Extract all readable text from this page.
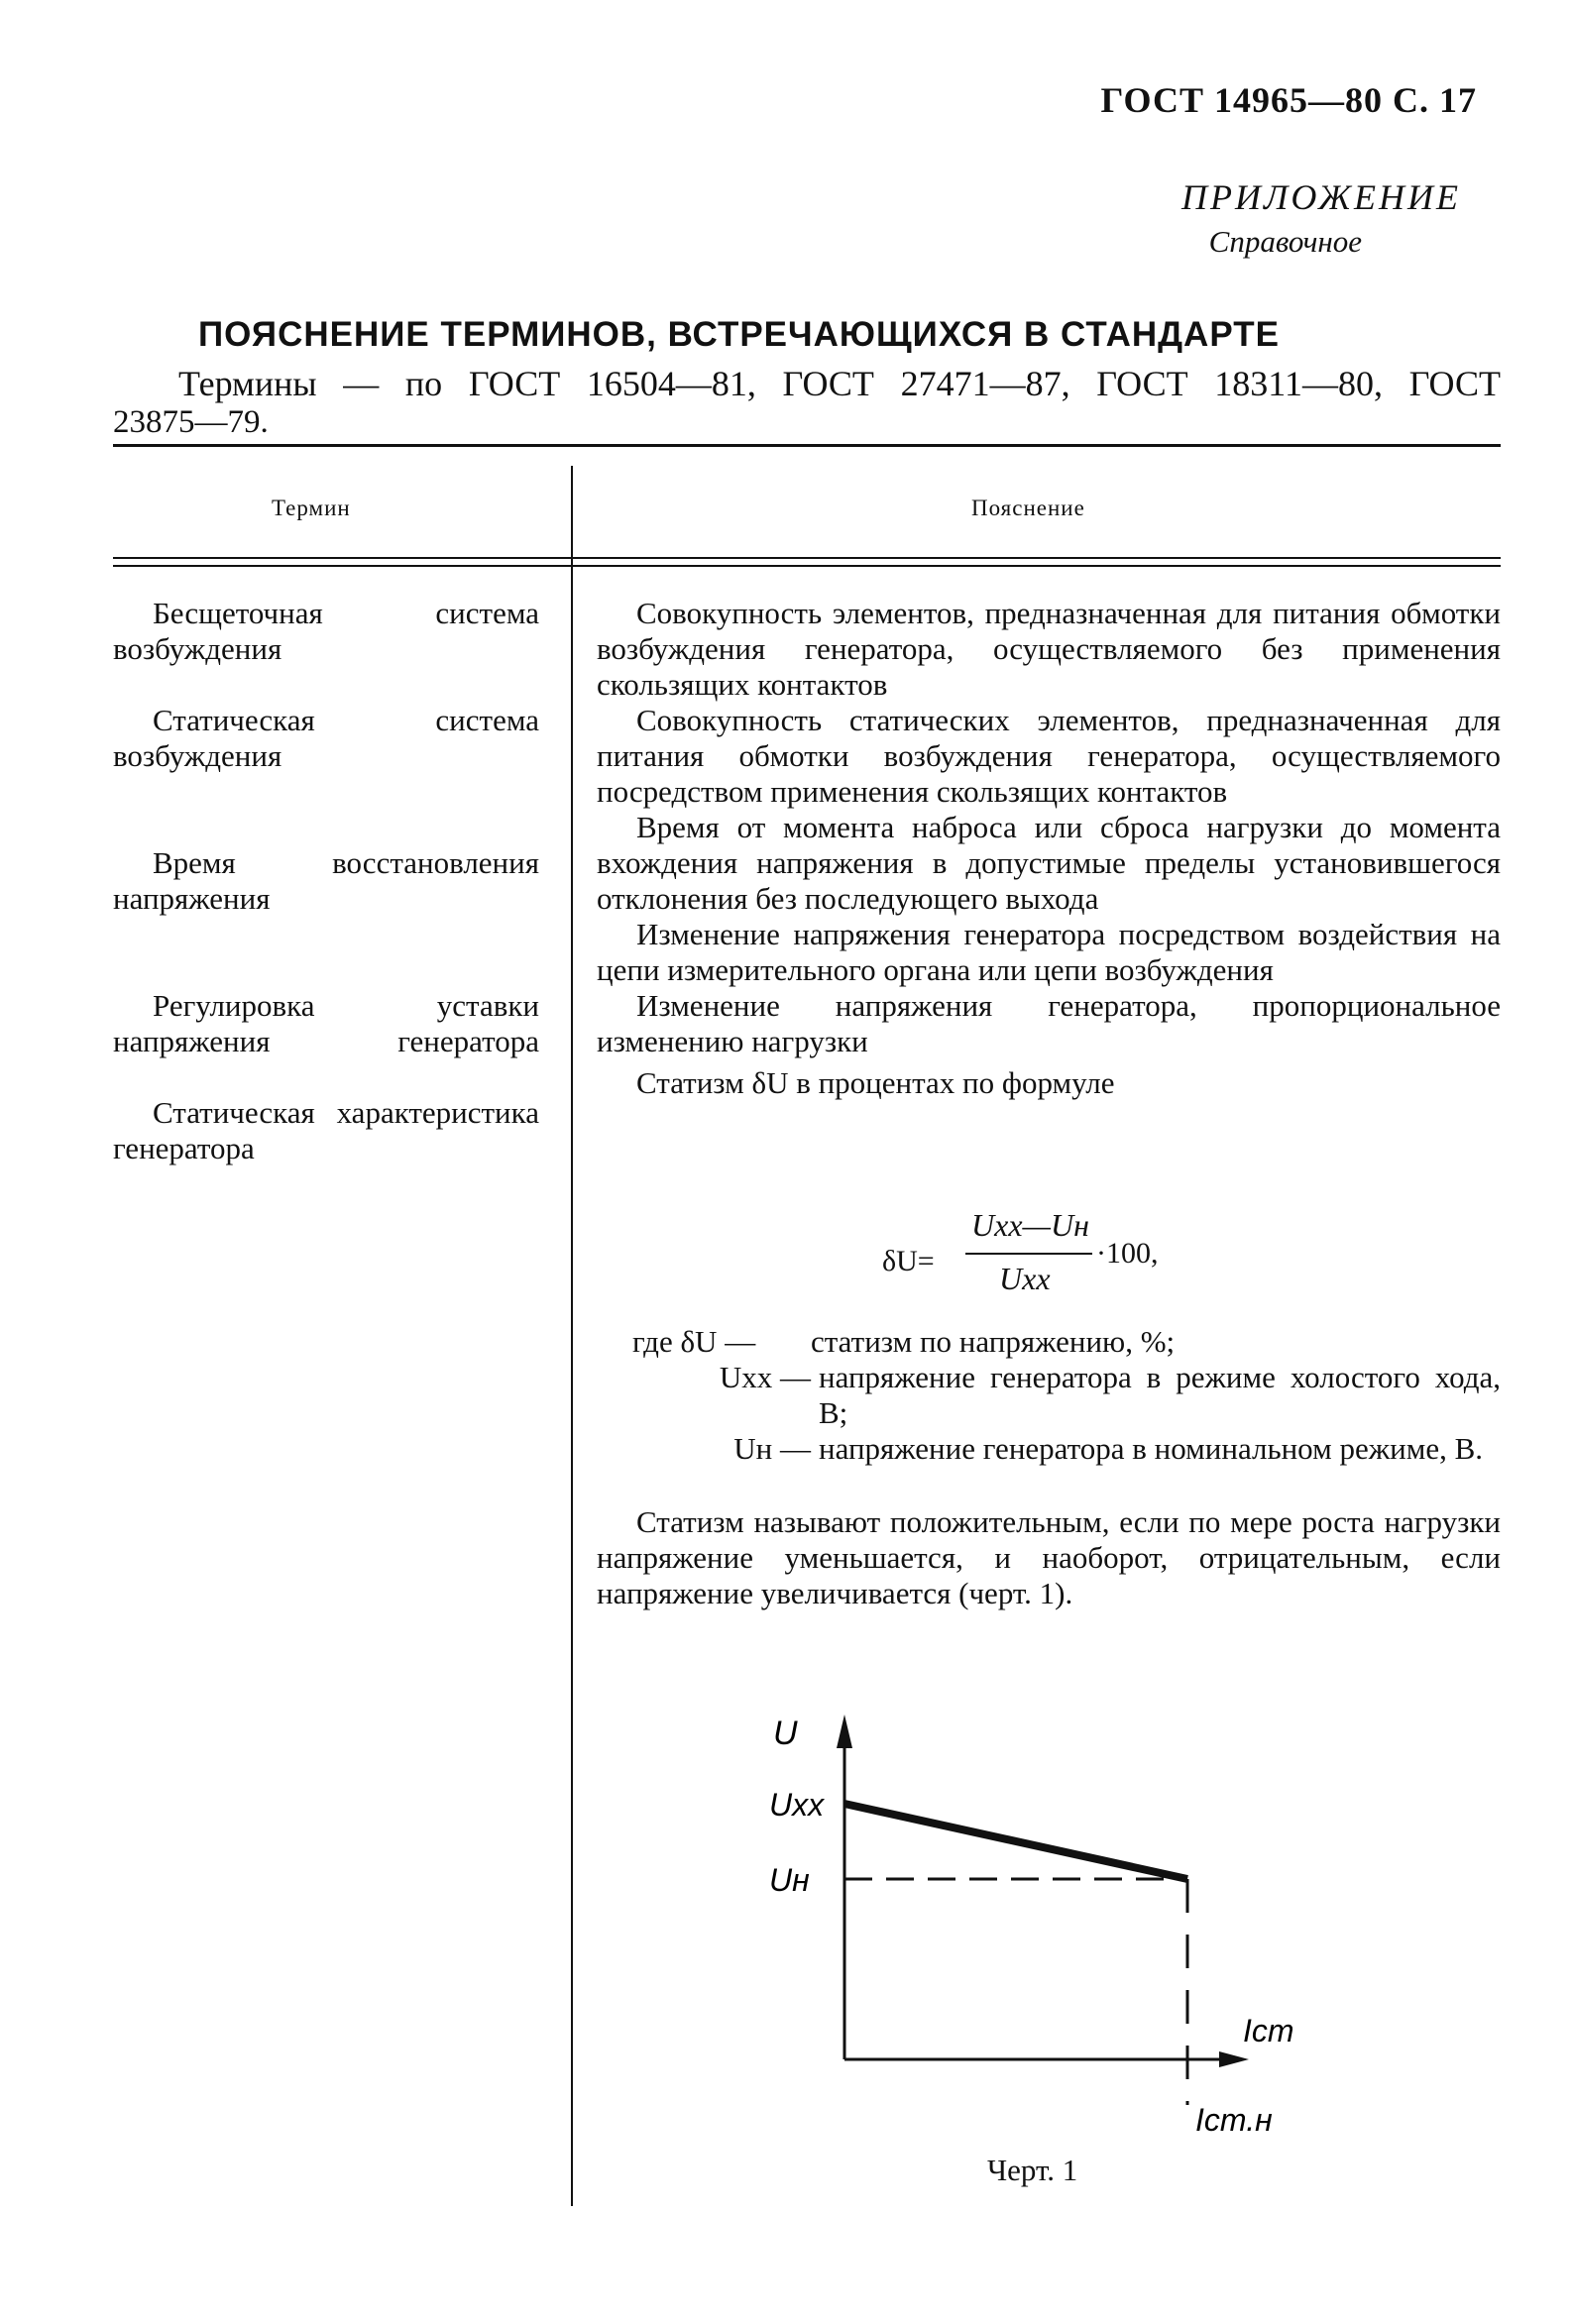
ГОСТ 14965—80 С. 17
ПРИЛОЖЕНИЕ
Справочное
ПОЯСНЕНИЕ ТЕРМИНОВ, ВСТРЕЧАЮЩИХСЯ В СТАНДАРТЕ
Термины — по ГОСТ 16504—81, ГОСТ 27471—87, ГОСТ 18311—80, ГОСТ
23875—79.
Термин	Пояснение
Бесщеточная система возбуждения
Статическая система возбуждения
Время восстановления напряжения
Регулировка уставки напряжения генератора
Статическая характеристика генератора

Совокупность элементов, предназначенная для питания обмотки возбуждения генератора, осуществляемого без применения скользящих контактов

Совокупность статических элементов, предназначенная для питания обмотки возбуждения генератора, осуществляемого посредством применения скользящих контактов

Время от момента наброса или сброса нагрузки до момента вхождения напряжения в допустимые пределы установившегося отклонения без последующего выхода

Изменение напряжения генератора посредством воздействия на цепи измерительного органа или цепи возбуждения

Изменение напряжения генератора, пропорциональное изменению нагрузки

Статизм δU в процентах по формуле

δU=
Uхх—Uн
Uхх
·100,
где δU —	статизм по напряжению, %;
Uхх — напряжение генератора в режиме холостого хода, В;
Uн — напряжение генератора в номинальном режиме, В.

Статизм называют положительным, если по мере роста нагрузки напряжение уменьшается, и наоборот, отрицательным, если напряжение увеличивается (черт. 1).

U
Uxx
Uн
Iст
Iст.н
Черт. 1
